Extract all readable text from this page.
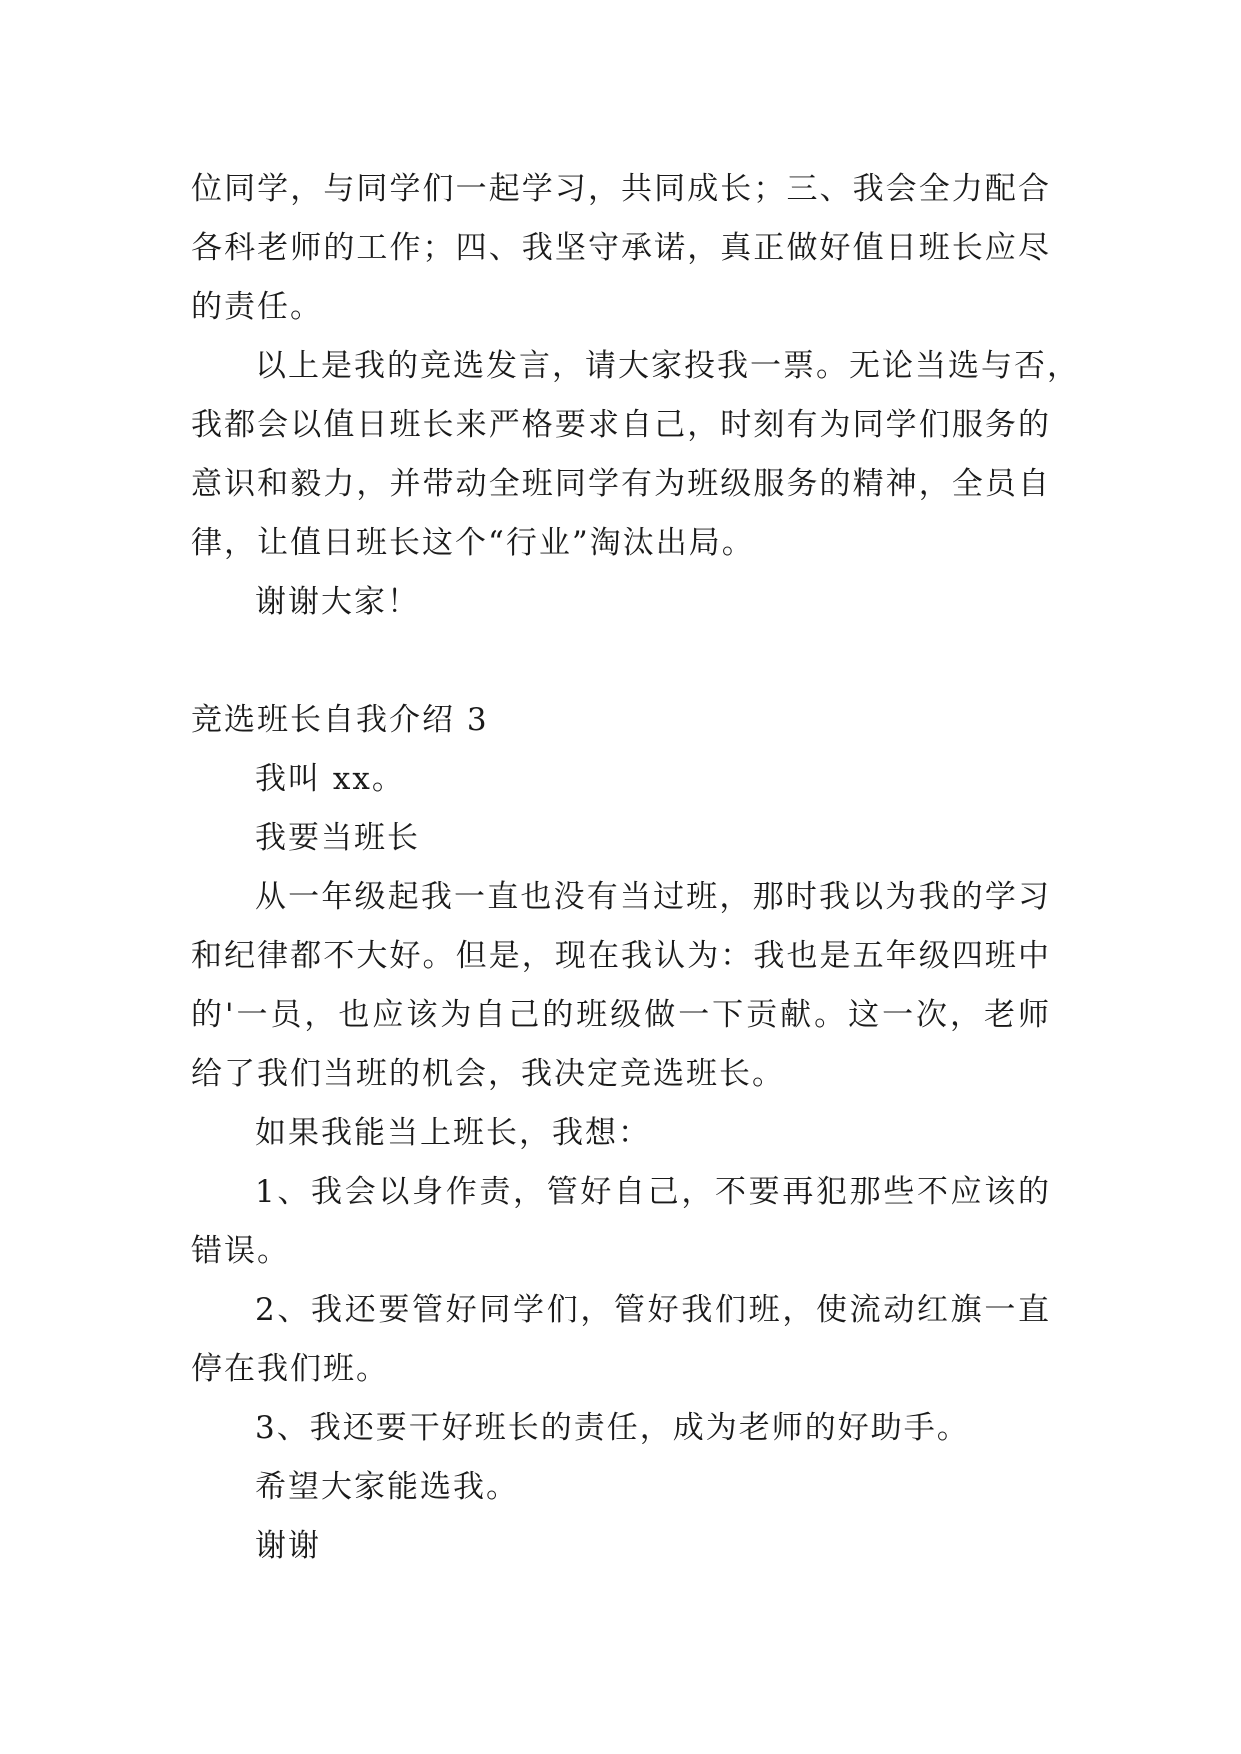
位同学，与同学们一起学习，共同成长；三、我会全力配合
各科老师的工作；四、我坚守承诺，真正做好值日班长应尽
的责任。
以上是我的竞选发言，请大家投我一票。无论当选与否，
我都会以值日班长来严格要求自己，时刻有为同学们服务的
意识和毅力，并带动全班同学有为班级服务的精神，全员自
律，让值日班长这个“行业”淘汰出局。
谢谢大家！
竞选班长自我介绍 3
我叫 xx。
我要当班长
从一年级起我一直也没有当过班，那时我以为我的学习
和纪律都不大好。但是，现在我认为：我也是五年级四班中
的'一员，也应该为自己的班级做一下贡献。这一次，老师
给了我们当班的机会，我决定竞选班长。
如果我能当上班长，我想：
1、我会以身作责，管好自己，不要再犯那些不应该的
错误。
2、我还要管好同学们，管好我们班，使流动红旗一直
停在我们班。
3、我还要干好班长的责任，成为老师的好助手。
希望大家能选我。
谢谢
